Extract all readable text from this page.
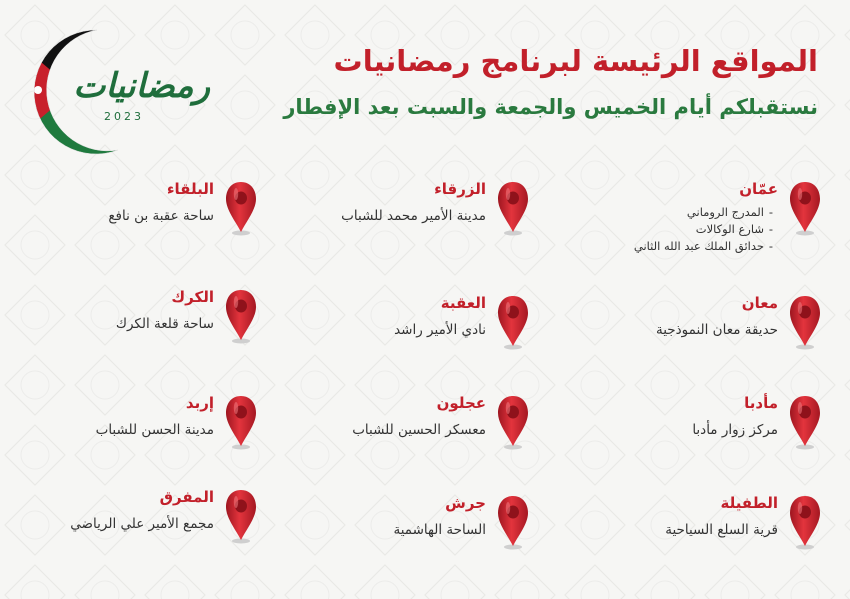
رمضانيات
2023
المواقع الرئيسة لبرنامج رمضانيات
نستقبلكم أيام الخميس والجمعة والسبت بعد الإفطار
عمّان
- المدرج الروماني
- شارع الوكالات
- حدائق الملك عبد الله الثاني
معان
حديقة معان النموذجية
مأدبا
مركز زوار مأدبا
الطفيلة
قرية السلع السياحية
الزرقاء
مدينة الأمير محمد للشباب
العقبة
نادي الأمير راشد
عجلون
معسكر الحسين للشباب
جرش
الساحة الهاشمية
البلقاء
ساحة عقبة بن نافع
الكرك
ساحة قلعة الكرك
إربد
مدينة الحسن للشباب
المفرق
مجمع الأمير علي الرياضي
